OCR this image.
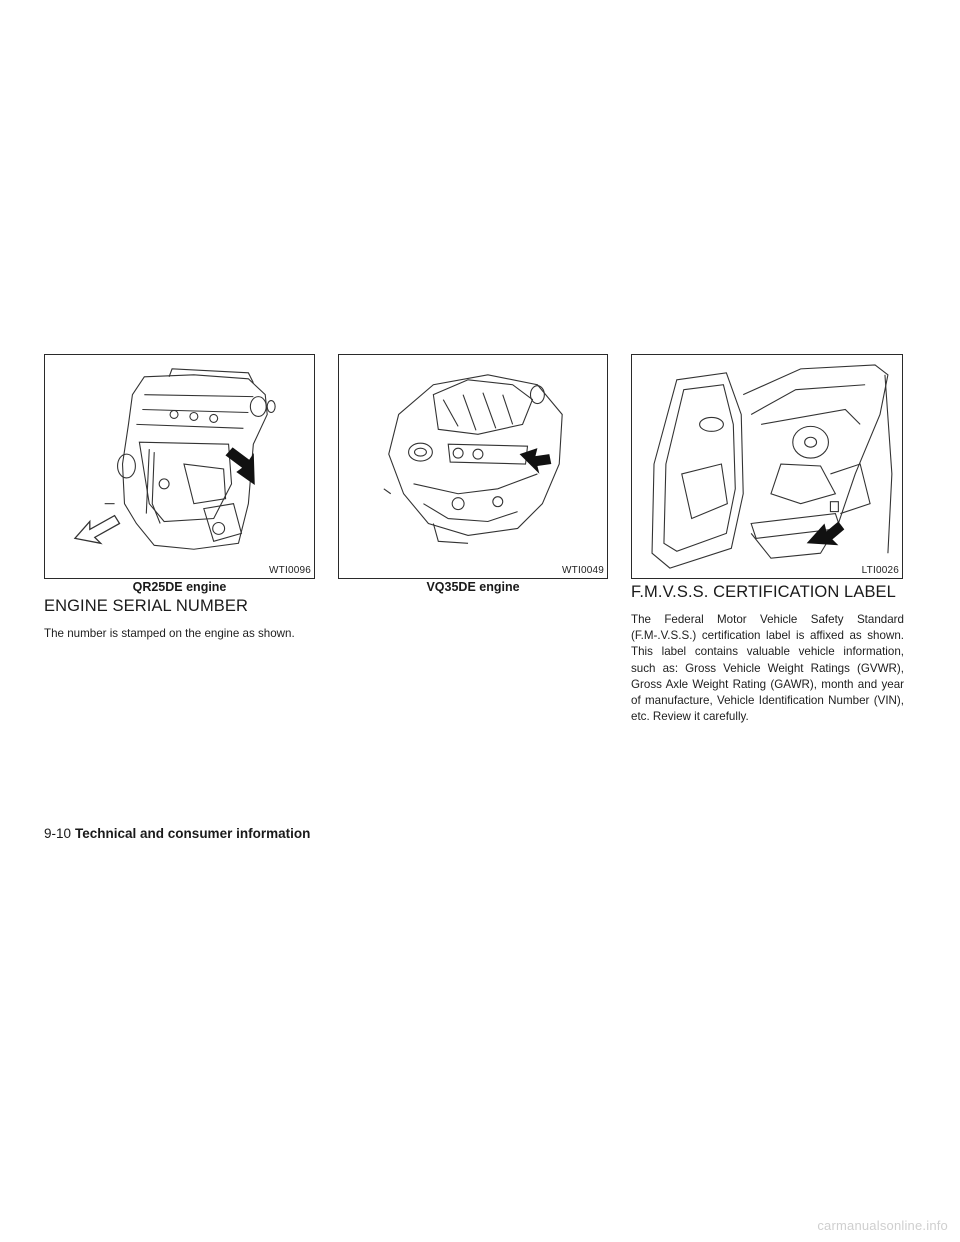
WTI0096
QR25DE engine
WTI0049
VQ35DE engine
LTI0026
ENGINE SERIAL NUMBER
The number is stamped on the engine as shown.
F.M.V.S.S. CERTIFICATION LABEL
The Federal Motor Vehicle Safety Standard (F.M-.V.S.S.) certification label is affixed as shown. This label contains valuable vehicle information, such as: Gross Vehicle Weight Ratings (GVWR), Gross Axle Weight Rating (GAWR), month and year of manufacture, Vehicle Identification Number (VIN), etc. Review it carefully.
9-10 Technical and consumer information
carmanualsonline.info
